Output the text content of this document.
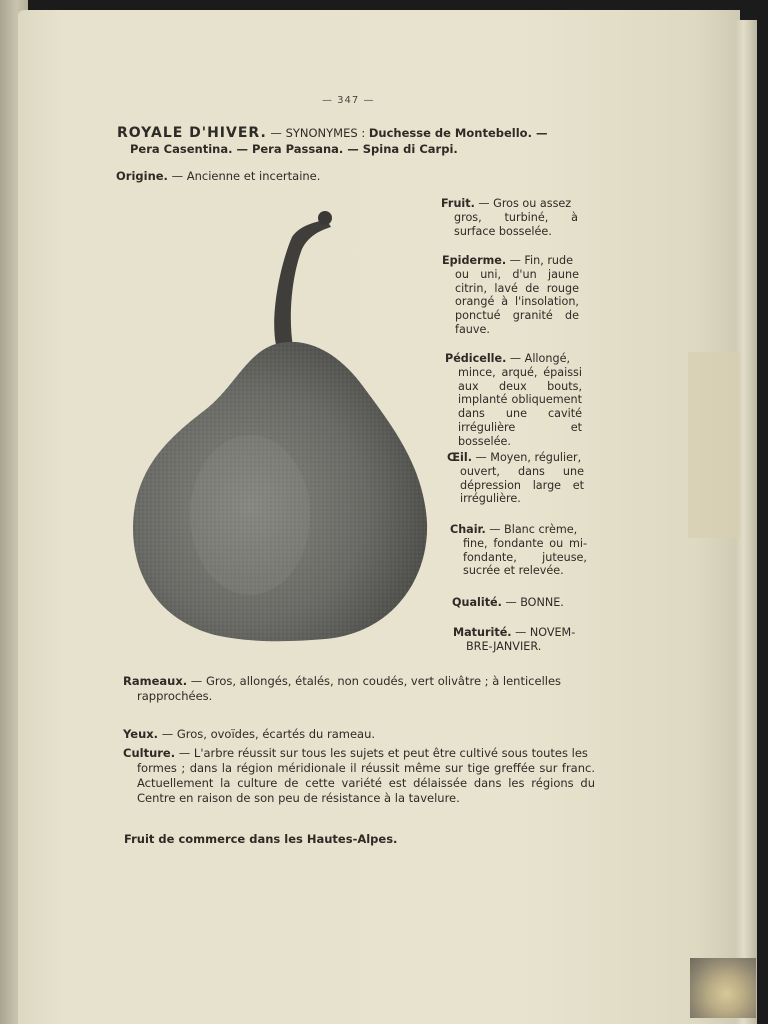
— 347 —
ROYALE D'HIVER. — SYNONYMES : Duchesse de Montebello. —
Pera Casentina. — Pera Passana. — Spina di Carpi.
Origine. — Ancienne et incertaine.
Fruit. — Gros ou assez
gros, turbiné, à surface bosselée.
Epiderme. — Fin, rude
ou uni, d'un jaune citrin, lavé de rouge orangé à l'insolation, ponctué granité de fauve.
Pédicelle. — Allongé,
mince, arqué, épaissi aux deux bouts, implanté obliquement dans une cavité irrégulière et bosselée.
Œil. — Moyen, régulier,
ouvert, dans une dépression large et irrégulière.
Chair. — Blanc crème,
fine, fondante ou mi-fondante, juteuse, sucrée et relevée.
Qualité. — BONNE.
Maturité. — NOVEM-
BRE-JANVIER.
Rameaux. — Gros, allongés, étalés, non coudés, vert olivâtre ; à lenticelles
rapprochées.
Yeux. — Gros, ovoïdes, écartés du rameau.
Culture. — L'arbre réussit sur tous les sujets et peut être cultivé sous toutes les
formes ; dans la région méridionale il réussit même sur tige greffée sur franc. Actuellement la culture de cette variété est délaissée dans les régions du Centre en raison de son peu de résistance à la tavelure.
Fruit de commerce dans les Hautes-Alpes.
